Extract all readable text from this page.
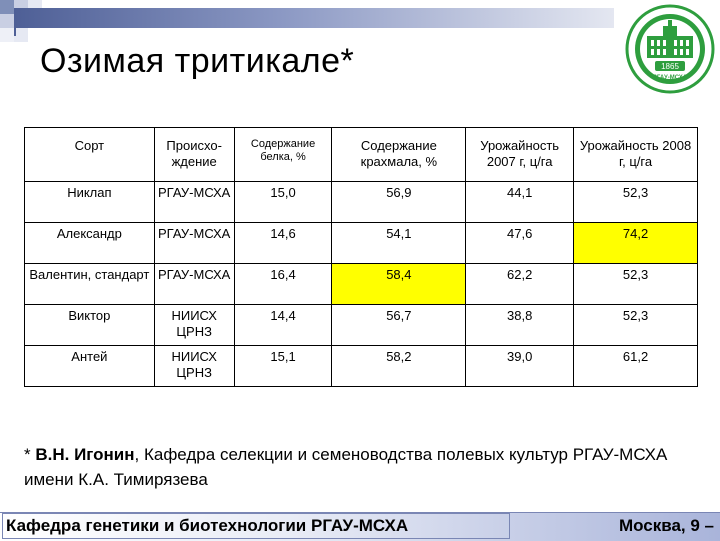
Озимая тритикале*	1865
РГАУ-МСХА
Сорт	Происхо-ждение	Содержание белка, %	Содержание крахмала, %	Урожайность 2007 г, ц/га	Урожайность 2008 г, ц/га
Никлап	РГАУ-МСХА	15,0	56,9	44,1	52,3
Александр	РГАУ-МСХА	14,6	54,1	47,6	74,2
Валентин, стандарт	РГАУ-МСХА	16,4	58,4	62,2	52,3
Виктор	НИИСХ ЦРНЗ	14,4	56,7	38,8	52,3
Антей	НИИСХ ЦРНЗ	15,1	58,2	39,0	61,2
* В.Н. Игонин, Кафедра селекции и семеноводства полевых культур РГАУ-МСХА имени К.А. Тимирязева
Кафедра генетики и биотехнологии РГАУ-МСХА	Москва, 9 –
